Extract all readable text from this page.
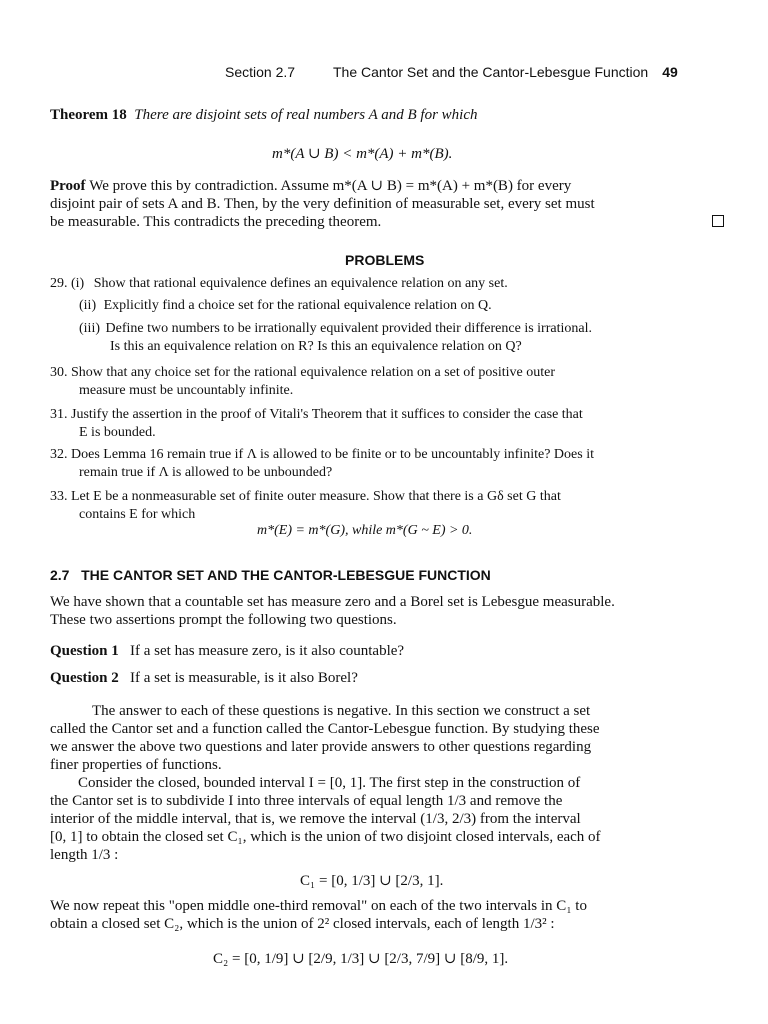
Section 2.7	The Cantor Set and the Cantor-Lebesgue Function 49
Theorem 18 There are disjoint sets of real numbers A and B for which
m*(A ∪ B) < m*(A) + m*(B).
Proof We prove this by contradiction. Assume m*(A ∪ B) = m*(A) + m*(B) for every
disjoint pair of sets A and B. Then, by the very definition of measurable set, every set must
be measurable. This contradicts the preceding theorem.
PROBLEMS
29. (i) Show that rational equivalence defines an equivalence relation on any set.
(ii) Explicitly find a choice set for the rational equivalence relation on Q.
(iii) Define two numbers to be irrationally equivalent provided their difference is irrational.
Is this an equivalence relation on R? Is this an equivalence relation on Q?
30. Show that any choice set for the rational equivalence relation on a set of positive outer
measure must be uncountably infinite.
31. Justify the assertion in the proof of Vitali's Theorem that it suffices to consider the case that
E is bounded.
32. Does Lemma 16 remain true if Λ is allowed to be finite or to be uncountably infinite? Does it
remain true if Λ is allowed to be unbounded?
33. Let E be a nonmeasurable set of finite outer measure. Show that there is a Gδ set G that
contains E for which
m*(E) = m*(G), while m*(G ~ E) > 0.
2.7   THE CANTOR SET AND THE CANTOR-LEBESGUE FUNCTION
We have shown that a countable set has measure zero and a Borel set is Lebesgue measurable.
These two assertions prompt the following two questions.
Question 1 If a set has measure zero, is it also countable?
Question 2 If a set is measurable, is it also Borel?
The answer to each of these questions is negative. In this section we construct a set
called the Cantor set and a function called the Cantor-Lebesgue function. By studying these
we answer the above two questions and later provide answers to other questions regarding
finer properties of functions.
Consider the closed, bounded interval I = [0, 1]. The first step in the construction of
the Cantor set is to subdivide I into three intervals of equal length 1/3 and remove the
interior of the middle interval, that is, we remove the interval (1/3, 2/3) from the interval
[0, 1] to obtain the closed set C₁, which is the union of two disjoint closed intervals, each of
length 1/3 :
C₁ = [0, 1/3] ∪ [2/3, 1].
We now repeat this "open middle one-third removal" on each of the two intervals in C₁ to
obtain a closed set C₂, which is the union of 2² closed intervals, each of length 1/3² :
C₂ = [0, 1/9] ∪ [2/9, 1/3] ∪ [2/3, 7/9] ∪ [8/9, 1].
